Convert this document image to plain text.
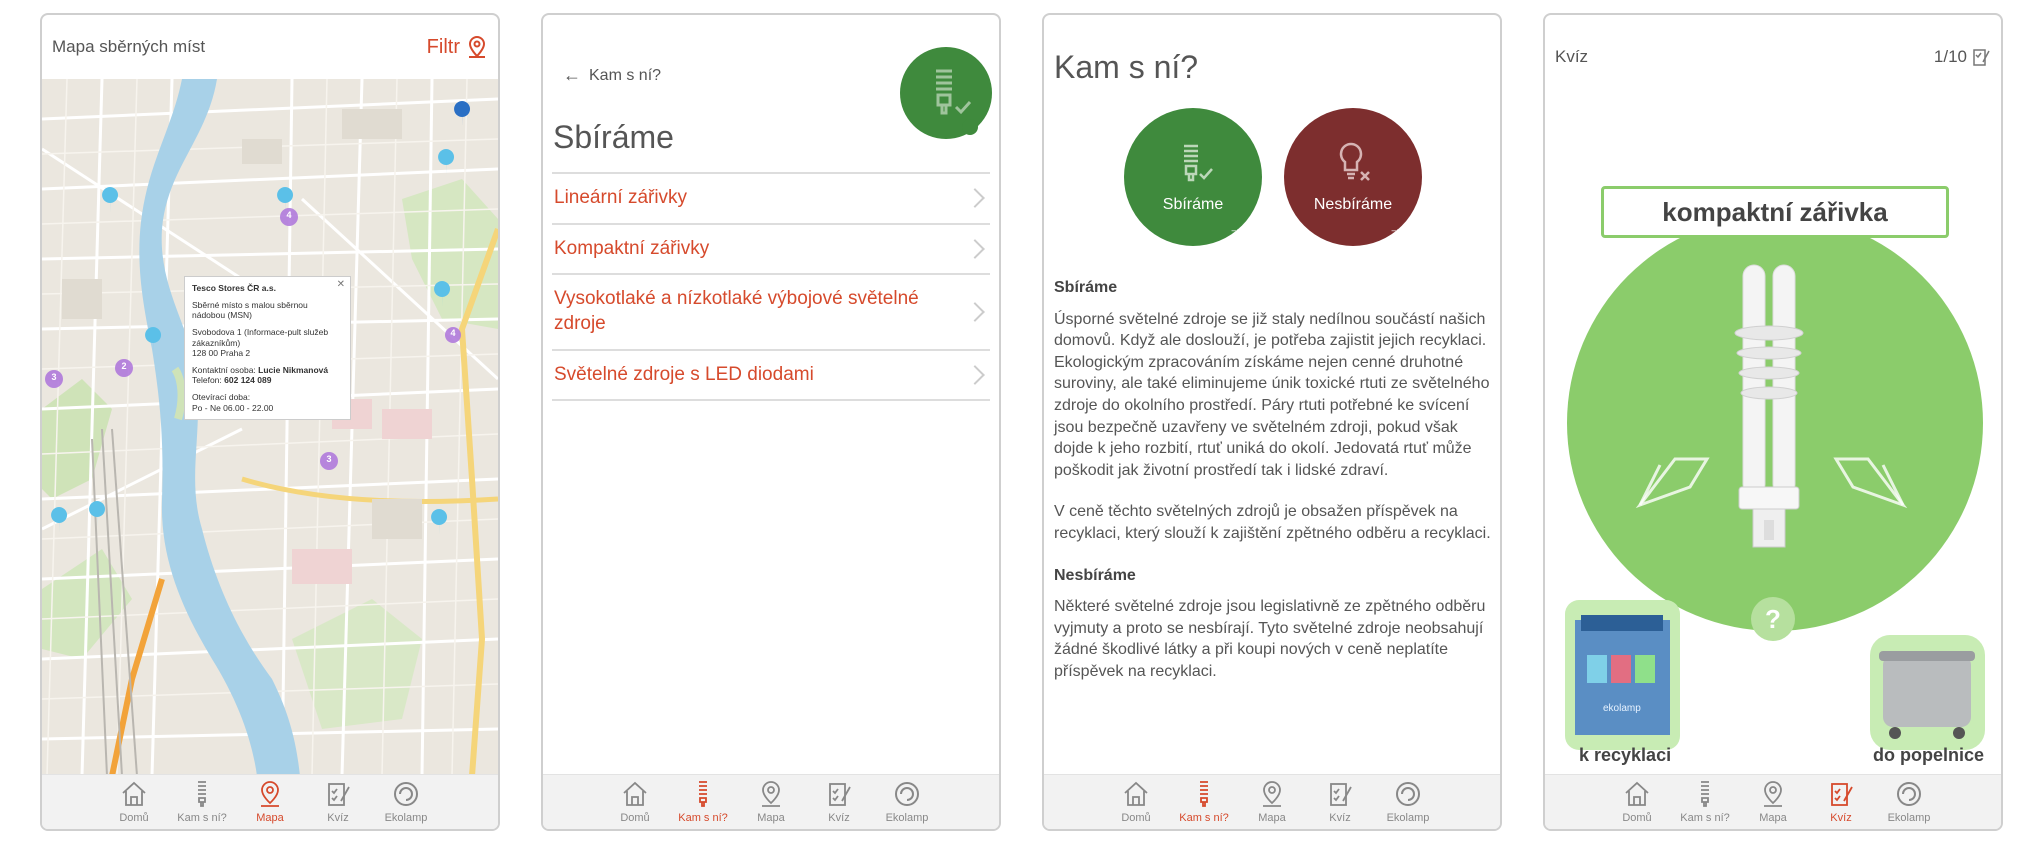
Mapa sběrných míst	Filtr
4
2
3
3
4
✕
Tesco Stores ČR a.s.

Sběrné místo s malou sběrnou nádobou (MSN)

Svobodova 1 (Informace-pult služeb zákazníkům)
128 00 Praha 2

Kontaktní osoba: Lucie Nikmanová
Telefon: 602 124 089

Otevírací doba:
Po - Ne 06.00 - 22.00

Domů	Kam s ní?	Mapa	Kvíz	Ekolamp
← Kam s ní?
Sbíráme
Lineární zářivky
Kompaktní zářivky
Vysokotlaké a nízkotlaké výbojové světelné zdroje
Světelné zdroje s LED diodami
Domů	Kam s ní?	Mapa	Kvíz	Ekolamp
Kam s ní?
Sbíráme
→
Nesbíráme
→
Sbíráme

Úsporné světelné zdroje se již staly nedílnou součástí našich domovů. Když ale doslouží, je potřeba zajistit jejich recyklaci. Ekologickým zpracováním získáme nejen cenné druhotné suroviny, ale také eliminujeme únik toxické rtuti ze světelného zdroje do okolního prostředí. Páry rtuti potřebné ke svícení jsou bezpečně uzavřeny ve světelném zdroji, pokud však dojde k jeho rozbití, rtuť uniká do okolí. Jedovatá rtuť může poškodit jak životní prostředí tak i lidské zdraví.

V ceně těchto světelných zdrojů je obsažen příspěvek na recyklaci, který slouží k zajištění zpětného odběru a recyklaci.

Nesbíráme

Některé světelné zdroje jsou legislativně ze zpětného odběru vyjmuty a proto se nesbírají. Tyto světelné zdroje neobsahují žádné škodlivé látky a při koupi nových v ceně neplatíte příspěvek na recyklaci.

Domů	Kam s ní?	Mapa	Kvíz	Ekolamp
Kvíz	1/10
kompaktní zářivka
?
ekolamp
k recyklaci	do popelnice
Domů	Kam s ní?	Mapa	Kvíz	Ekolamp
